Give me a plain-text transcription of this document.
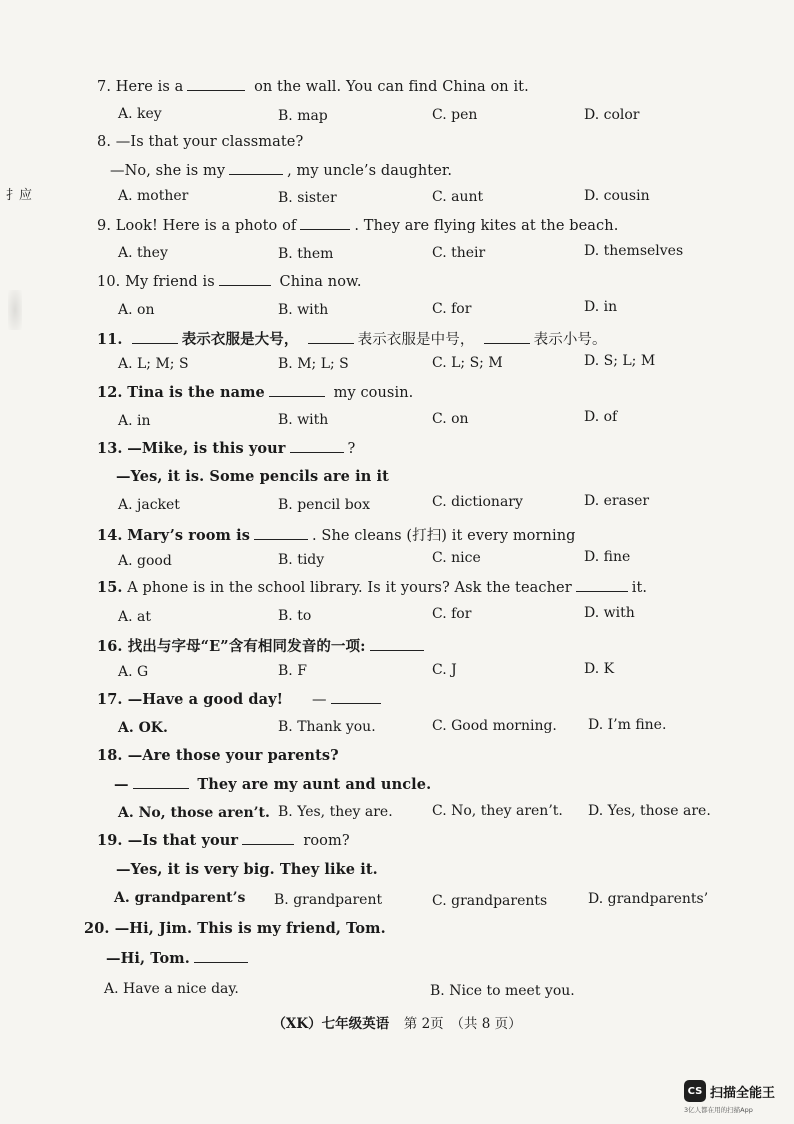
扌应
7. Here is a	on the wall. You can find China on it.
A. key	B. map	C. pen	D. color
8. —Is that your classmate?
—No, she is my	, my uncle’s daughter.
A. mother	B. sister	C. aunt	D. cousin
9. Look! Here is a photo of	. They are flying kites at the beach.
A. they	B. them	C. their	D. themselves
10. My friend is	China now.
A. on	B. with	C. for	D. in
11.	表示衣服是大号，	表示衣服是中号，	表示小号。
A. L; M; S	B. M; L; S	C. L; S; M	D. S; L; M
12. Tina is the name	my cousin.
A. in	B. with	C. on	D. of
13. —Mike, is this your	?
—Yes, it is. Some pencils are in it
A. jacket	B. pencil box	C. dictionary	D. eraser
14. Mary’s room is	. She cleans (打扫) it every morning
A. good	B. tidy	C. nice	D. fine
15. A phone is in the school library. Is it yours? Ask the teacher	it.
A. at	B. to	C. for	D. with
16. 找出与字母“E”含有相同发音的一项:
A. G	B. F	C. J	D. K
17. —Have a good day! —
A. OK.	B. Thank you.	C. Good morning. D. I’m fine.
18. —Are those your parents?
—	They are my aunt and uncle.
A. No, those aren’t. B. Yes, they are.	C. No, they aren’t. D. Yes, those are.
19. —Is that your	room?
—Yes, it is very big. They like it.
A. grandparent’s B. grandparent	C. grandparents	D. grandparents’
20. —Hi, Jim. This is my friend, Tom.
—Hi, Tom.
A. Have a nice day.	B. Nice to meet you.
（XK）七年级英语 第 2页　（共 8 页）
CS 扫描全能王
3亿人都在用的扫描App
